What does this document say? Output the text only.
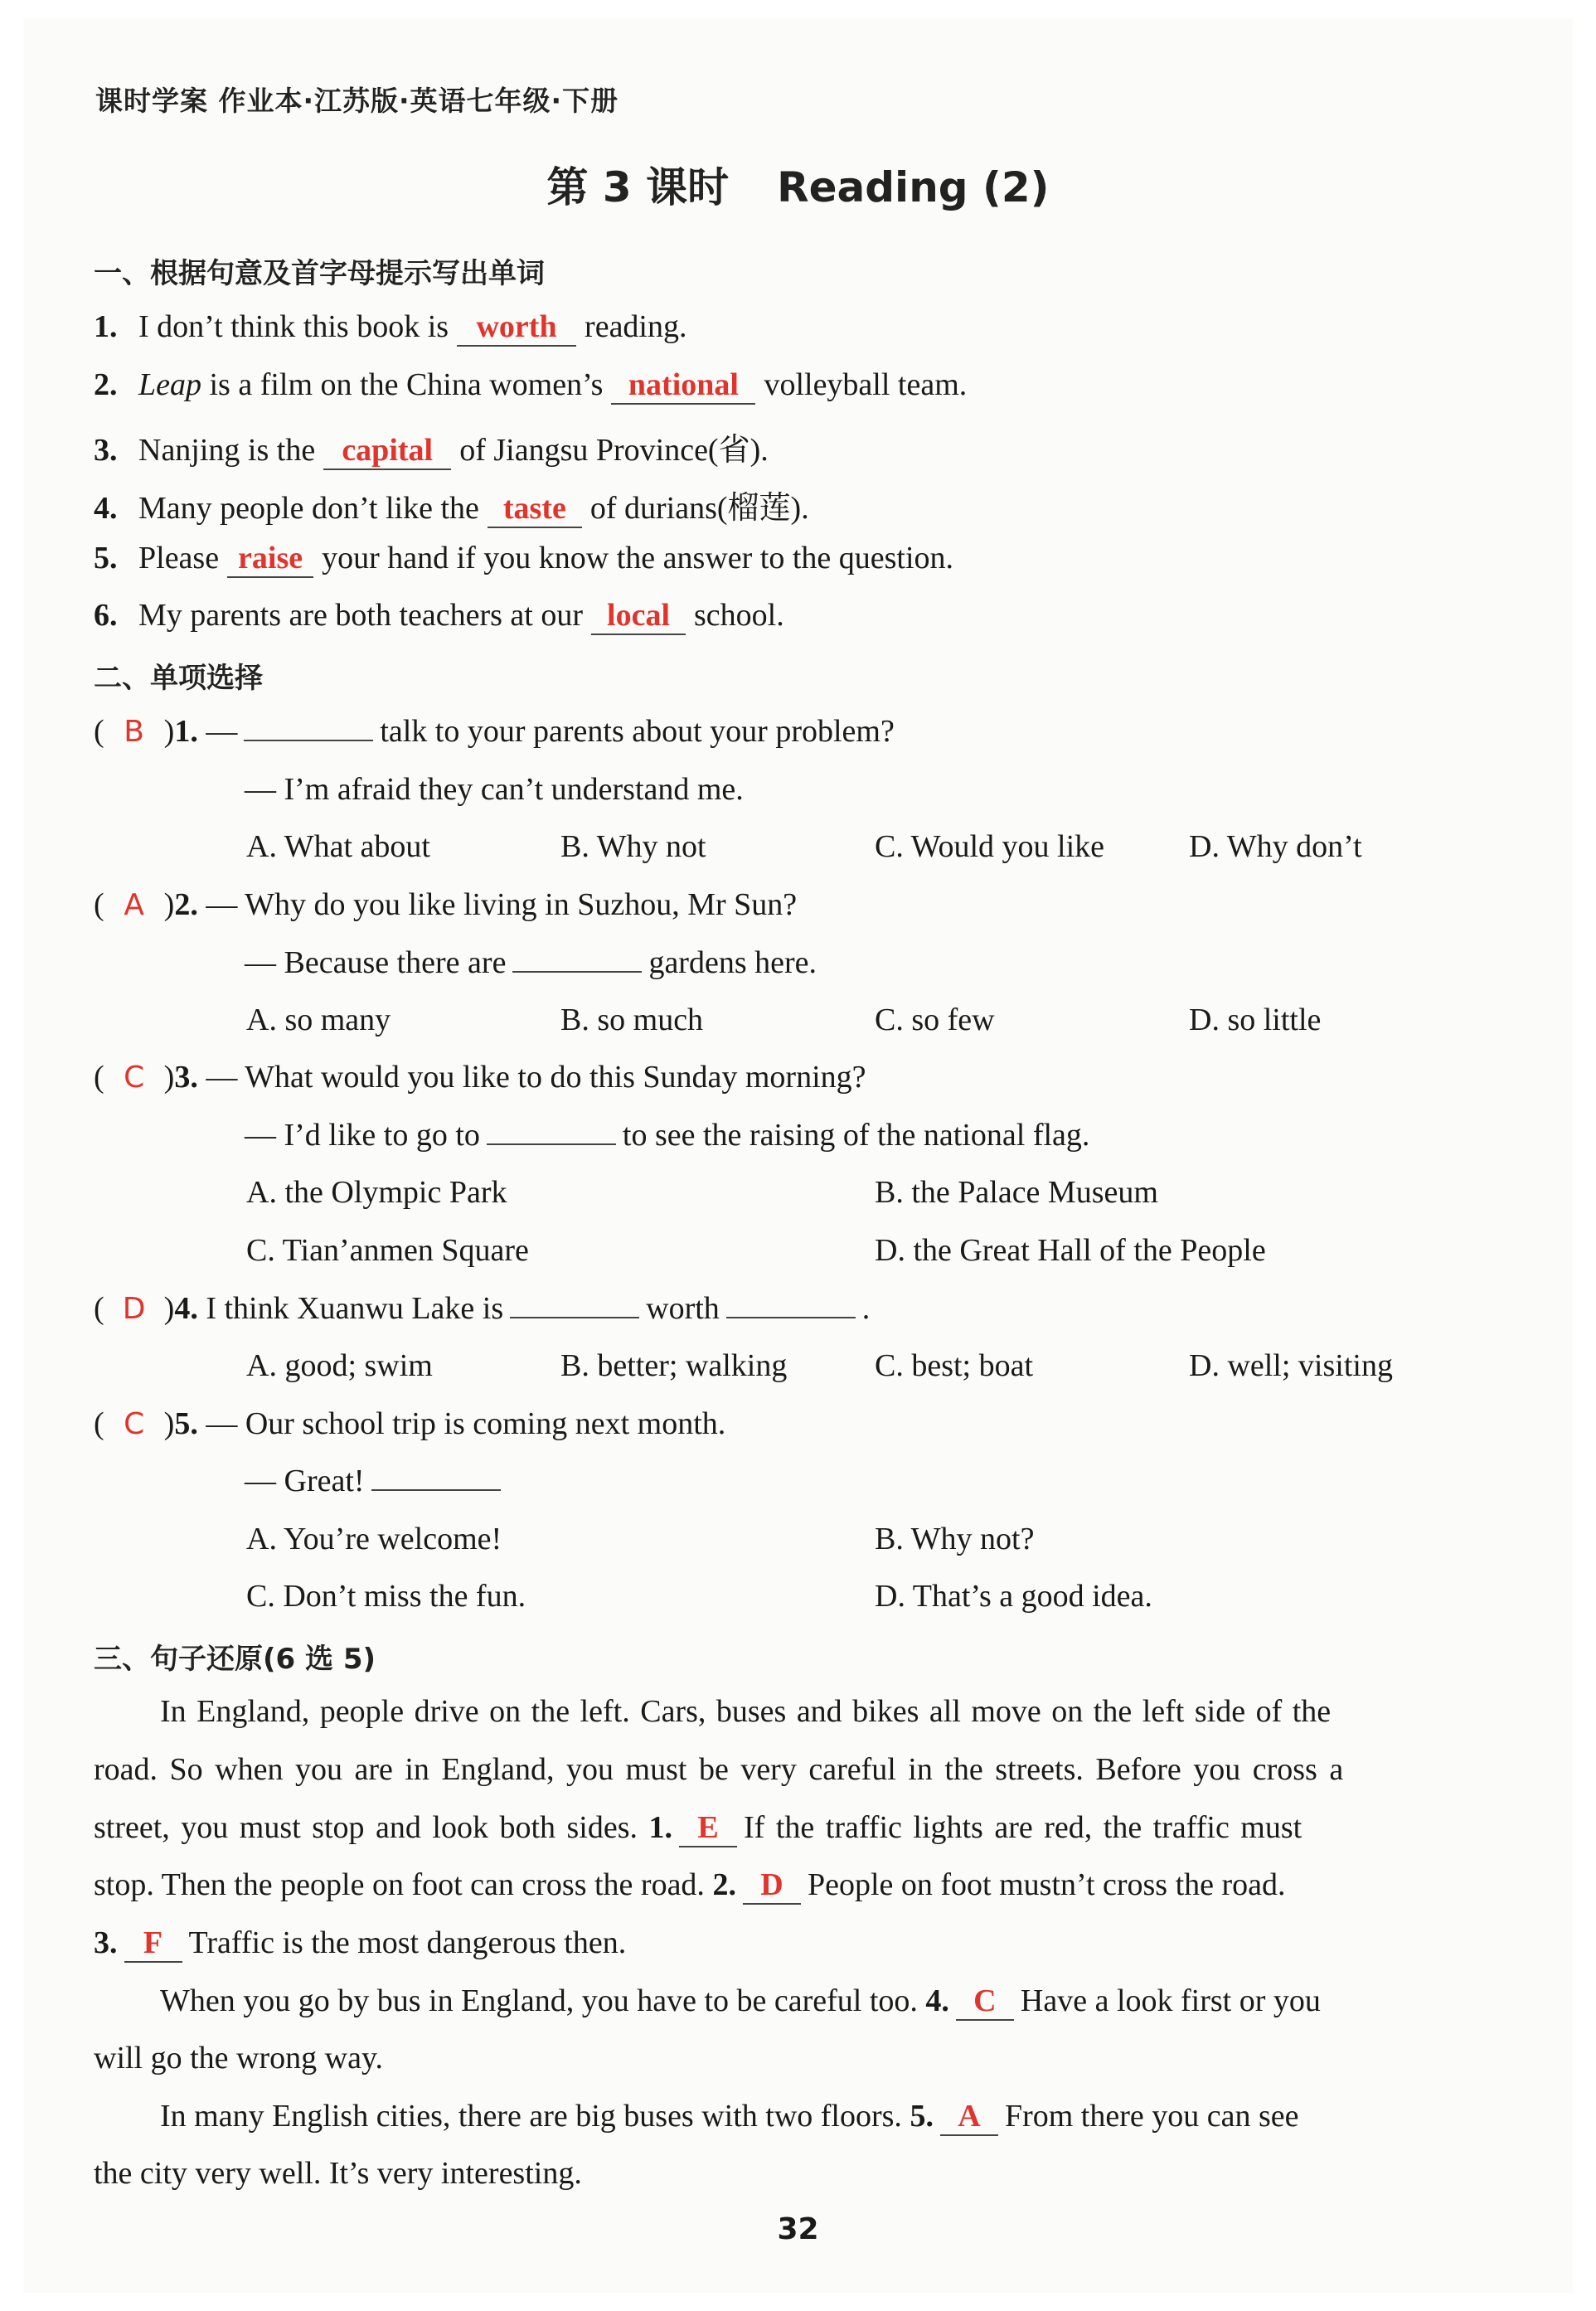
课时学案 作业本·江苏版·英语七年级·下册
第 3 课时 Reading (2)
一、根据句意及首字母提示写出单词
1. I don’t think this book is worth reading.
2. Leap is a film on the China women’s national volleyball team.
3. Nanjing is the capital of Jiangsu Province(省).
4. Many people don’t like the taste of durians(榴莲).
5. Please raise your hand if you know the answer to the question.
6. My parents are both teachers at our local school.
二、单项选择
( B )1. —	talk to your parents about your problem?
— I’m afraid they can’t understand me.
A. What about	B. Why not	C. Would you like	D. Why don’t
( A )2. — Why do you like living in Suzhou, Mr Sun?
— Because there are	gardens here.
A. so many	B. so much	C. so few	D. so little
( C )3. — What would you like to do this Sunday morning?
— I’d like to go to	to see the raising of the national flag.
A. the Olympic Park	B. the Palace Museum
C. Tian’anmen Square	D. the Great Hall of the People
( D )4. I think Xuanwu Lake is	worth	.
A. good; swim	B. better; walking	C. best; boat	D. well; visiting
( C )5. — Our school trip is coming next month.
— Great!
A. You’re welcome!	B. Why not?
C. Don’t miss the fun.	D. That’s a good idea.
三、句子还原(6 选 5)
In England, people drive on the left. Cars, buses and bikes all move on the left side of the
road. So when you are in England, you must be very careful in the streets. Before you cross a
street, you must stop and look both sides. 1. E If the traffic lights are red, the traffic must
stop. Then the people on foot can cross the road. 2. D People on foot mustn’t cross the road.
3. F Traffic is the most dangerous then.
When you go by bus in England, you have to be careful too. 4. C Have a look first or you
will go the wrong way.
In many English cities, there are big buses with two floors. 5. A From there you can see
the city very well. It’s very interesting.
32
